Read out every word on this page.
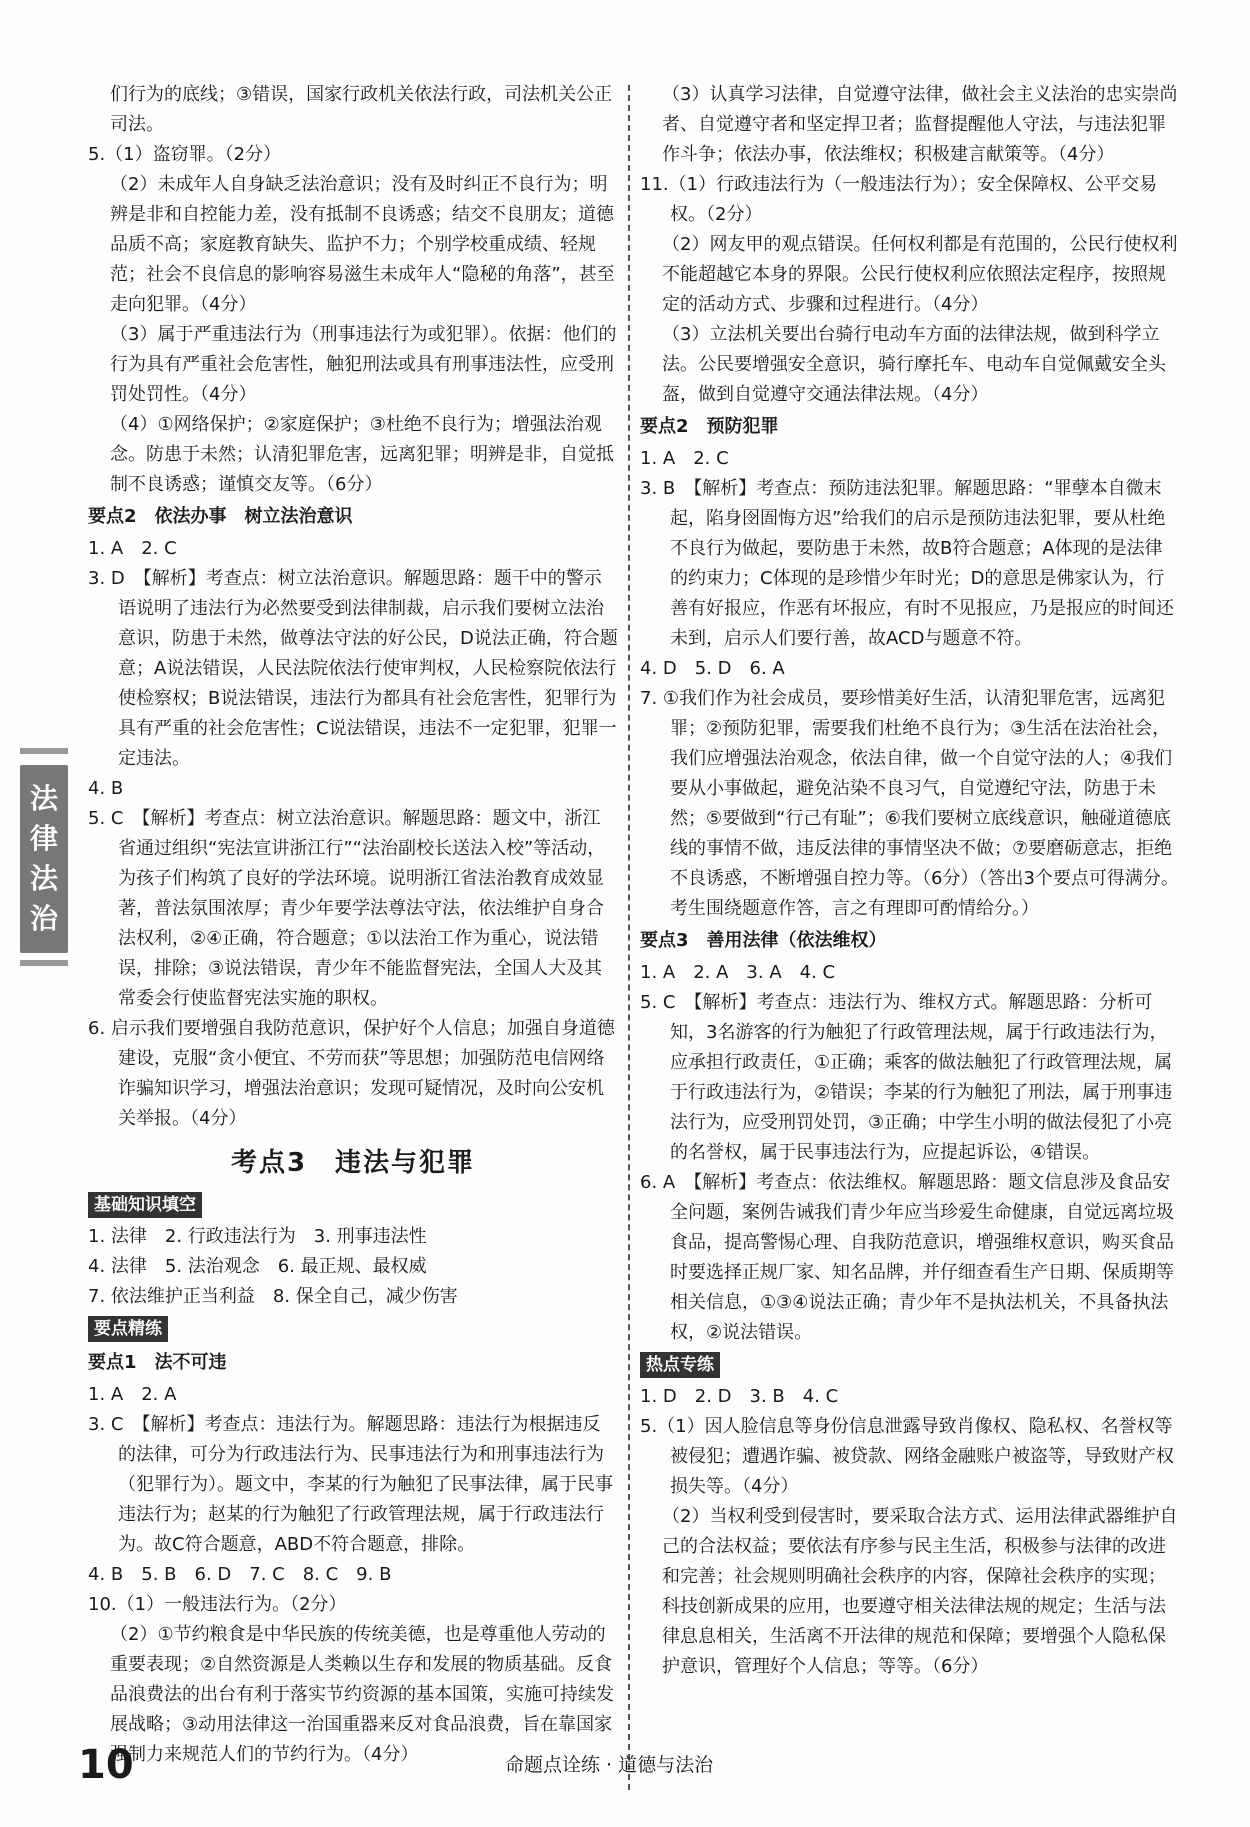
们行为的底线；③错误，国家行政机关依法行政，司法机关公正司法。
5.（1）盗窃罪。（2分）
（2）未成年人自身缺乏法治意识；没有及时纠正不良行为；明辨是非和自控能力差，没有抵制不良诱惑；结交不良朋友；道德品质不高；家庭教育缺失、监护不力；个别学校重成绩、轻规范；社会不良信息的影响容易滋生未成年人“隐秘的角落”，甚至走向犯罪。（4分）
（3）属于严重违法行为（刑事违法行为或犯罪）。依据：他们的行为具有严重社会危害性，触犯刑法或具有刑事违法性，应受刑罚处罚性。（4分）
（4）①网络保护；②家庭保护；③杜绝不良行为；增强法治观念。防患于未然；认清犯罪危害，远离犯罪；明辨是非，自觉抵制不良诱惑；谨慎交友等。（6分）
要点2　依法办事　树立法治意识
1. A　2. C
3. D　【解析】考查点：树立法治意识。解题思路：题干中的警示语说明了违法行为必然要受到法律制裁，启示我们要树立法治意识，防患于未然，做尊法守法的好公民，D说法正确，符合题意；A说法错误，人民法院依法行使审判权，人民检察院依法行使检察权；B说法错误，违法行为都具有社会危害性，犯罪行为具有严重的社会危害性；C说法错误，违法不一定犯罪，犯罪一定违法。
4. B
5. C　【解析】考查点：树立法治意识。解题思路：题文中，浙江省通过组织“宪法宣讲浙江行”“法治副校长送法入校”等活动，为孩子们构筑了良好的学法环境。说明浙江省法治教育成效显著，普法氛围浓厚；青少年要学法尊法守法，依法维护自身合法权利，②④正确，符合题意；①以法治工作为重心，说法错误，排除；③说法错误，青少年不能监督宪法，全国人大及其常委会行使监督宪法实施的职权。
6. 启示我们要增强自我防范意识，保护好个人信息；加强自身道德建设，克服“贪小便宜、不劳而获”等思想；加强防范电信网络诈骗知识学习，增强法治意识；发现可疑情况，及时向公安机关举报。（4分）
考点3　违法与犯罪
基础知识填空
1. 法律　2. 行政违法行为　3. 刑事违法性
4. 法律　5. 法治观念　6. 最正规、最权威
7. 依法维护正当利益　8. 保全自己，减少伤害
要点精练
要点1　法不可违
1. A　2. A
3. C　【解析】考查点：违法行为。解题思路：违法行为根据违反的法律，可分为行政违法行为、民事违法行为和刑事违法行为（犯罪行为）。题文中，李某的行为触犯了民事法律，属于民事违法行为；赵某的行为触犯了行政管理法规，属于行政违法行为。故C符合题意，ABD不符合题意，排除。
4. B　5. B　6. D　7. C　8. C　9. B
10.（1）一般违法行为。（2分）
（2）①节约粮食是中华民族的传统美德，也是尊重他人劳动的重要表现；②自然资源是人类赖以生存和发展的物质基础。反食品浪费法的出台有利于落实节约资源的基本国策，实施可持续发展战略；③动用法律这一治国重器来反对食品浪费，旨在靠国家强制力来规范人们的节约行为。（4分）
（3）认真学习法律，自觉遵守法律，做社会主义法治的忠实崇尚者、自觉遵守者和坚定捍卫者；监督提醒他人守法，与违法犯罪作斗争；依法办事，依法维权；积极建言献策等。（4分）
11.（1）行政违法行为（一般违法行为）；安全保障权、公平交易权。（2分）
（2）网友甲的观点错误。任何权利都是有范围的，公民行使权利不能超越它本身的界限。公民行使权利应依照法定程序，按照规定的活动方式、步骤和过程进行。（4分）
（3）立法机关要出台骑行电动车方面的法律法规，做到科学立法。公民要增强安全意识，骑行摩托车、电动车自觉佩戴安全头盔，做到自觉遵守交通法律法规。（4分）
要点2　预防犯罪
1. A　2. C
3. B　【解析】考查点：预防违法犯罪。解题思路：“罪孽本自微末起，陷身囹圄悔方迟”给我们的启示是预防违法犯罪，要从杜绝不良行为做起，要防患于未然，故B符合题意；A体现的是法律的约束力；C体现的是珍惜少年时光；D的意思是佛家认为，行善有好报应，作恶有坏报应，有时不见报应，乃是报应的时间还未到，启示人们要行善，故ACD与题意不符。
4. D　5. D　6. A
7. ①我们作为社会成员，要珍惜美好生活，认清犯罪危害，远离犯罪；②预防犯罪，需要我们杜绝不良行为；③生活在法治社会，我们应增强法治观念，依法自律，做一个自觉守法的人；④我们要从小事做起，避免沾染不良习气，自觉遵纪守法，防患于未然；⑤要做到“行己有耻”；⑥我们要树立底线意识，触碰道德底线的事情不做，违反法律的事情坚决不做；⑦要磨砺意志，拒绝不良诱惑，不断增强自控力等。（6分）（答出3个要点可得满分。考生围绕题意作答，言之有理即可酌情给分。）
要点3　善用法律（依法维权）
1. A　2. A　3. A　4. C
5. C　【解析】考查点：违法行为、维权方式。解题思路：分析可知，3名游客的行为触犯了行政管理法规，属于行政违法行为，应承担行政责任，①正确；乘客的做法触犯了行政管理法规，属于行政违法行为，②错误；李某的行为触犯了刑法，属于刑事违法行为，应受刑罚处罚，③正确；中学生小明的做法侵犯了小亮的名誉权，属于民事违法行为，应提起诉讼，④错误。
6. A　【解析】考查点：依法维权。解题思路：题文信息涉及食品安全问题，案例告诫我们青少年应当珍爱生命健康，自觉远离垃圾食品，提高警惕心理、自我防范意识，增强维权意识，购买食品时要选择正规厂家、知名品牌，并仔细查看生产日期、保质期等相关信息，①③④说法正确；青少年不是执法机关，不具备执法权，②说法错误。
热点专练
1. D　2. D　3. B　4. C
5.（1）因人脸信息等身份信息泄露导致肖像权、隐私权、名誉权等被侵犯；遭遇诈骗、被贷款、网络金融账户被盗等，导致财产权损失等。（4分）
（2）当权利受到侵害时，要采取合法方式、运用法律武器维护自己的合法权益；要依法有序参与民主生活，积极参与法律的改进和完善；社会规则明确社会秩序的内容，保障社会秩序的实现；科技创新成果的应用，也要遵守相关法律法规的规定；生活与法律息息相关，生活离不开法律的规范和保障；要增强个人隐私保护意识，管理好个人信息；等等。（6分）
法
律
法
治
10	命题点诠练 · 道德与法治
